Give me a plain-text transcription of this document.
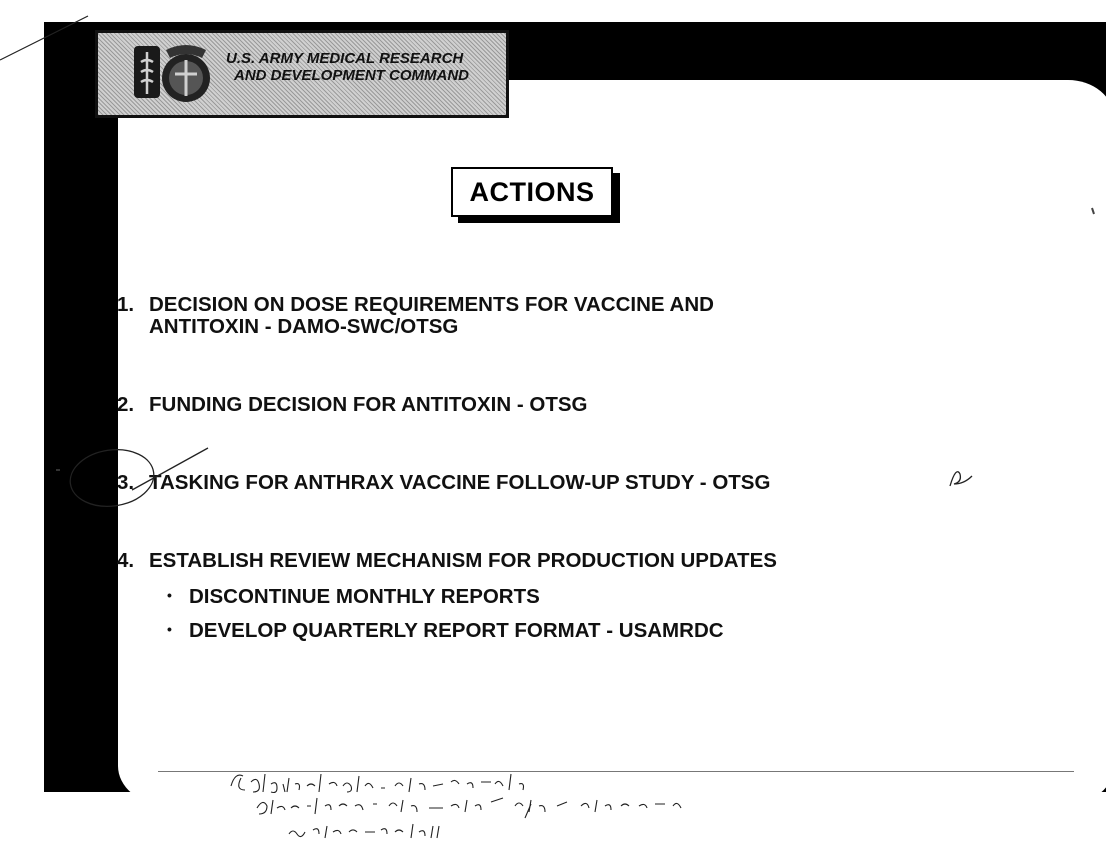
U.S. ARMY MEDICAL RESEARCH
AND DEVELOPMENT COMMAND
ACTIONS
1. DECISION ON DOSE REQUIREMENTS FOR VACCINE AND
ANTITOXIN - DAMO-SWC/OTSG
2. FUNDING DECISION FOR ANTITOXIN - OTSG
3. TASKING FOR ANTHRAX VACCINE FOLLOW-UP STUDY - OTSG
4. ESTABLISH REVIEW MECHANISM FOR PRODUCTION UPDATES
• DISCONTINUE MONTHLY REPORTS
• DEVELOP QUARTERLY REPORT FORMAT - USAMRDC
